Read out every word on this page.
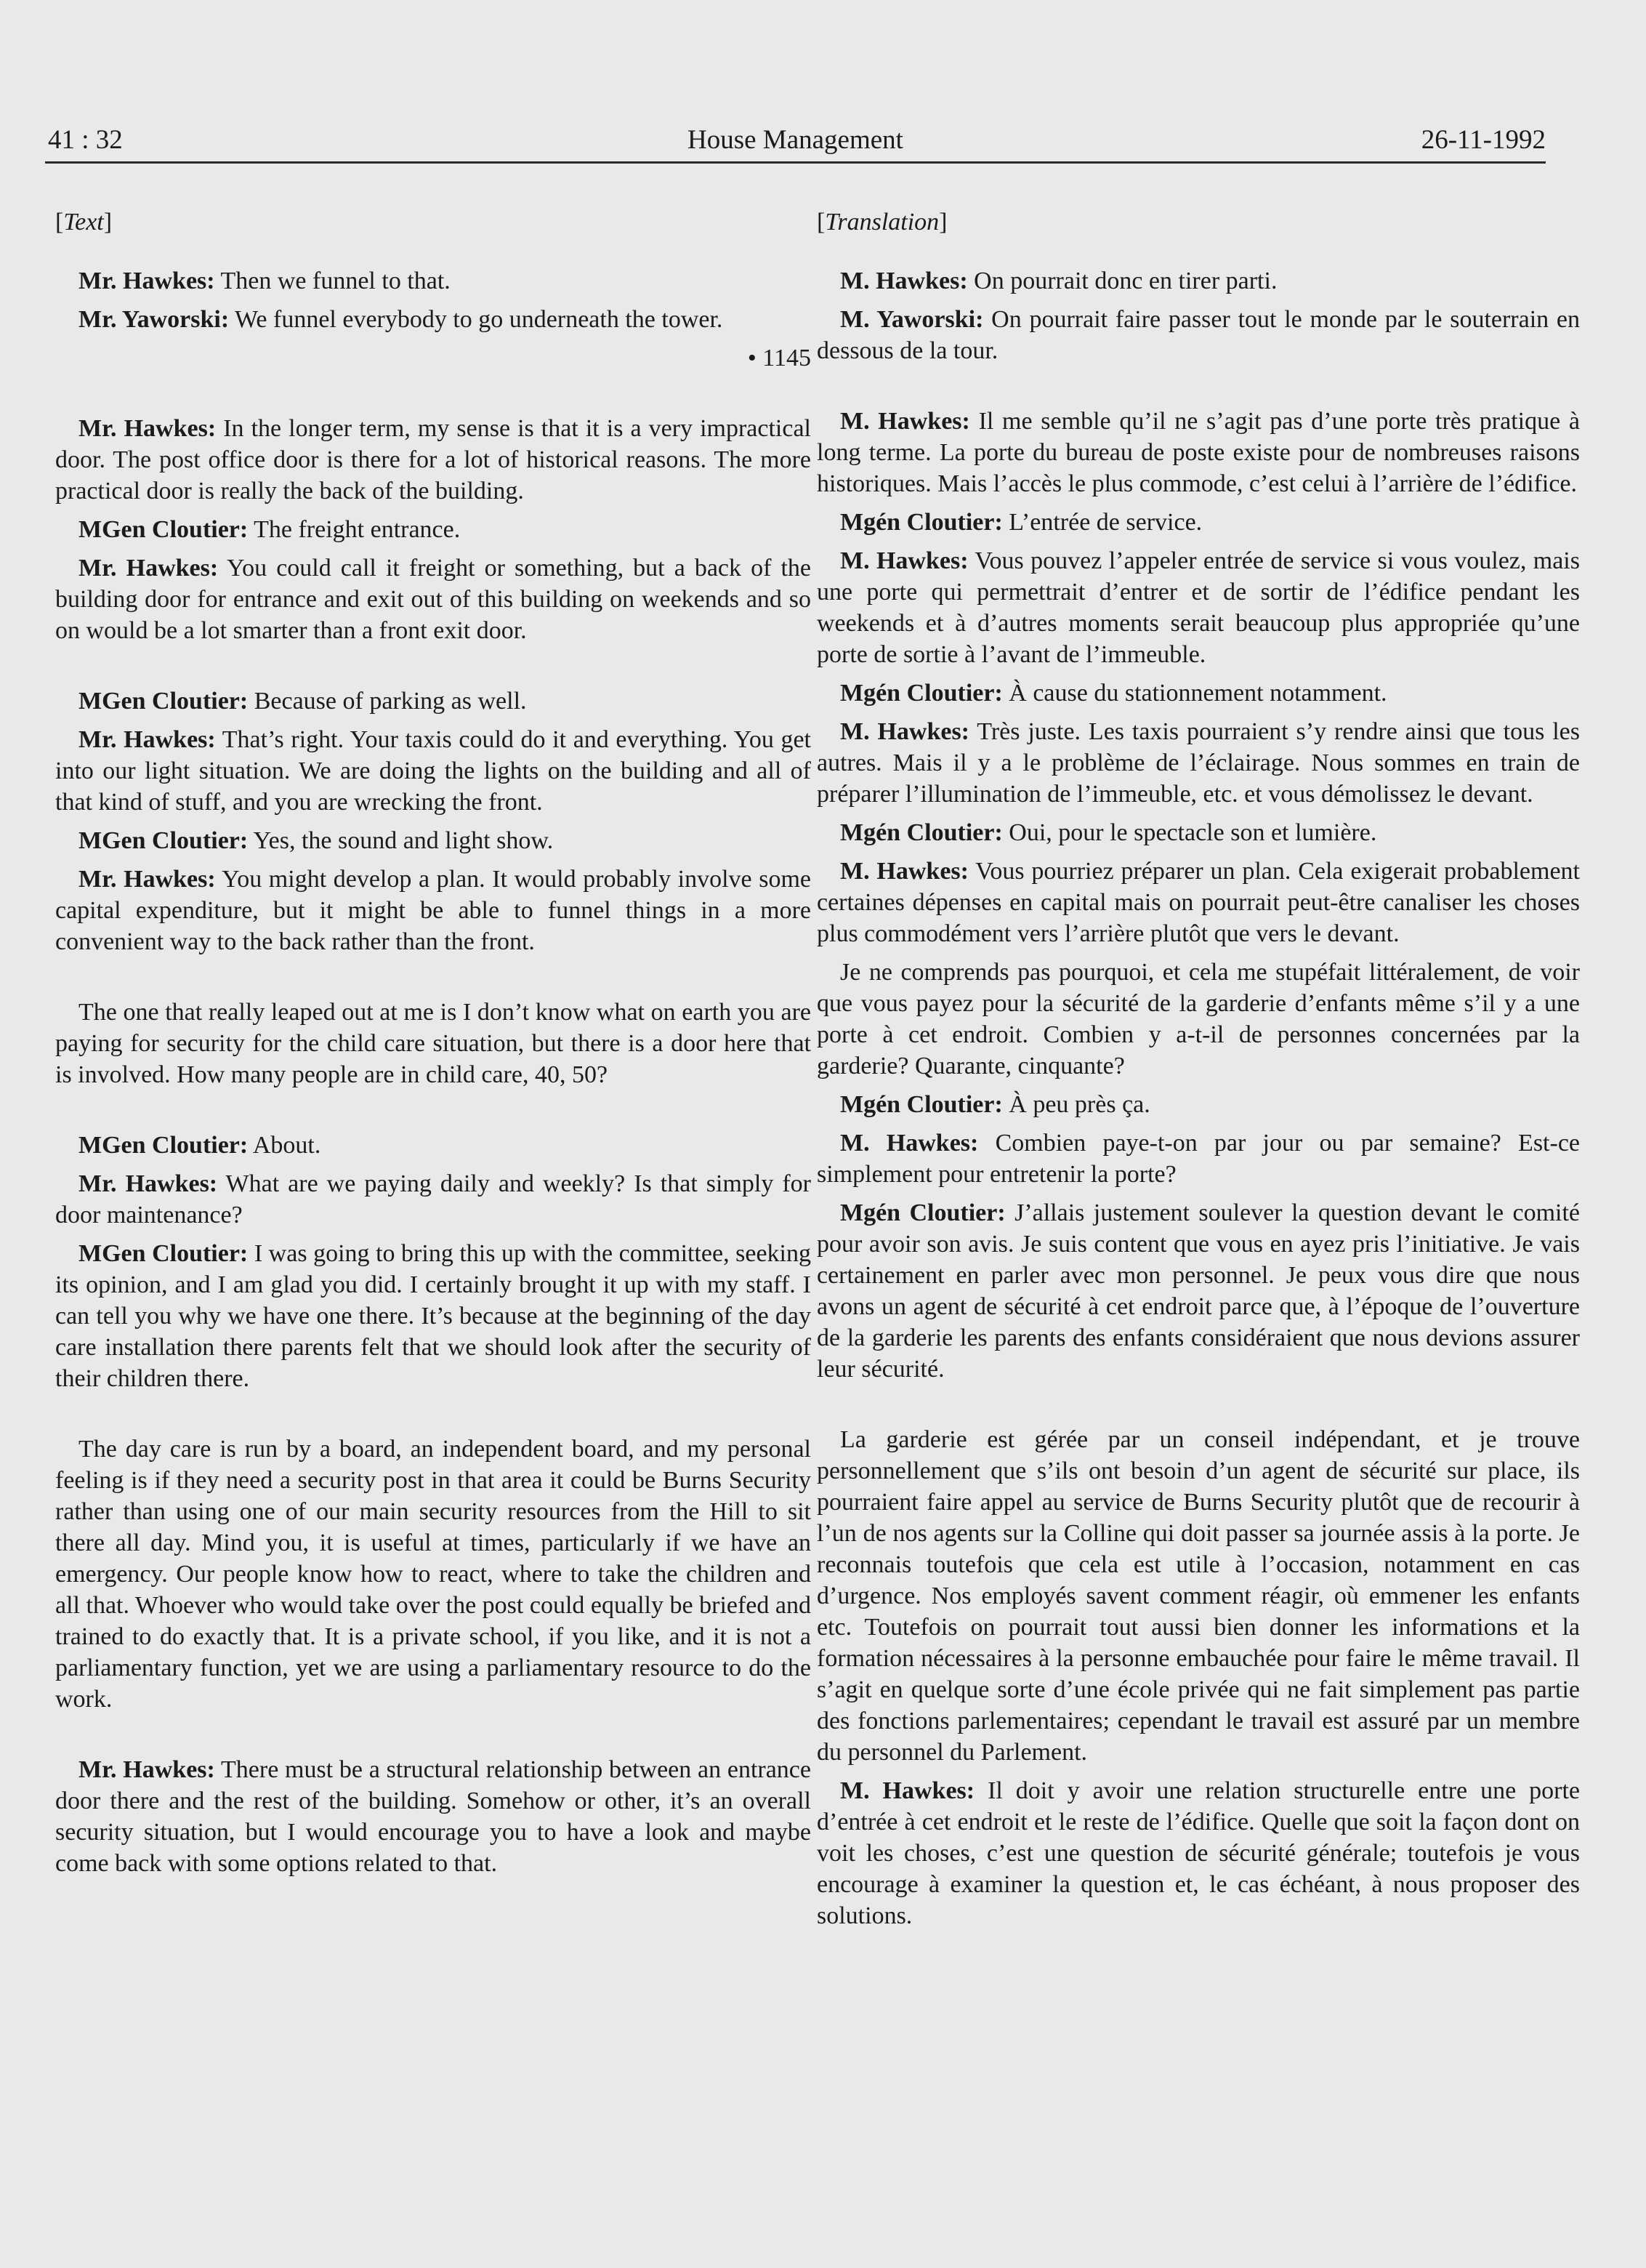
41 : 32	House Management	26-11-1992
[Text]

Mr. Hawkes: Then we funnel to that.

Mr. Yaworski: We funnel everybody to go underneath the tower.

• 1145

Mr. Hawkes: In the longer term, my sense is that it is a very impractical door. The post office door is there for a lot of historical reasons. The more practical door is really the back of the building.

MGen Cloutier: The freight entrance.

Mr. Hawkes: You could call it freight or something, but a back of the building door for entrance and exit out of this building on weekends and so on would be a lot smarter than a front exit door.

MGen Cloutier: Because of parking as well.

Mr. Hawkes: That’s right. Your taxis could do it and everything. You get into our light situation. We are doing the lights on the building and all of that kind of stuff, and you are wrecking the front.

MGen Cloutier: Yes, the sound and light show.

Mr. Hawkes: You might develop a plan. It would probably involve some capital expenditure, but it might be able to funnel things in a more convenient way to the back rather than the front.

The one that really leaped out at me is I don’t know what on earth you are paying for security for the child care situation, but there is a door here that is involved. How many people are in child care, 40, 50?

MGen Cloutier: About.

Mr. Hawkes: What are we paying daily and weekly? Is that simply for door maintenance?

MGen Cloutier: I was going to bring this up with the committee, seeking its opinion, and I am glad you did. I certainly brought it up with my staff. I can tell you why we have one there. It’s because at the beginning of the day care installation there parents felt that we should look after the security of their children there.

The day care is run by a board, an independent board, and my personal feeling is if they need a security post in that area it could be Burns Security rather than using one of our main security resources from the Hill to sit there all day. Mind you, it is useful at times, particularly if we have an emergency. Our people know how to react, where to take the children and all that. Whoever who would take over the post could equally be briefed and trained to do exactly that. It is a private school, if you like, and it is not a parliamentary function, yet we are using a parliamentary resource to do the work.

Mr. Hawkes: There must be a structural relationship between an entrance door there and the rest of the building. Somehow or other, it’s an overall security situation, but I would encourage you to have a look and maybe come back with some options related to that.

[Translation]

M. Hawkes: On pourrait donc en tirer parti.

M. Yaworski: On pourrait faire passer tout le monde par le souterrain en dessous de la tour.

M. Hawkes: Il me semble qu’il ne s’agit pas d’une porte très pratique à long terme. La porte du bureau de poste existe pour de nombreuses raisons historiques. Mais l’accès le plus commode, c’est celui à l’arrière de l’édifice.

Mgén Cloutier: L’entrée de service.

M. Hawkes: Vous pouvez l’appeler entrée de service si vous voulez, mais une porte qui permettrait d’entrer et de sortir de l’édifice pendant les weekends et à d’autres moments serait beaucoup plus appropriée qu’une porte de sortie à l’avant de l’immeuble.

Mgén Cloutier: À cause du stationnement notamment.

M. Hawkes: Très juste. Les taxis pourraient s’y rendre ainsi que tous les autres. Mais il y a le problème de l’éclairage. Nous sommes en train de préparer l’illumination de l’immeuble, etc. et vous démolissez le devant.

Mgén Cloutier: Oui, pour le spectacle son et lumière.

M. Hawkes: Vous pourriez préparer un plan. Cela exigerait probablement certaines dépenses en capital mais on pourrait peut-être canaliser les choses plus commodément vers l’arrière plutôt que vers le devant.

Je ne comprends pas pourquoi, et cela me stupéfait littéralement, de voir que vous payez pour la sécurité de la garderie d’enfants même s’il y a une porte à cet endroit. Combien y a-t-il de personnes concernées par la garderie? Quarante, cinquante?

Mgén Cloutier: À peu près ça.

M. Hawkes: Combien paye-t-on par jour ou par semaine? Est-ce simplement pour entretenir la porte?

Mgén Cloutier: J’allais justement soulever la question devant le comité pour avoir son avis. Je suis content que vous en ayez pris l’initiative. Je vais certainement en parler avec mon personnel. Je peux vous dire que nous avons un agent de sécurité à cet endroit parce que, à l’époque de l’ouverture de la garderie les parents des enfants considéraient que nous devions assurer leur sécurité.

La garderie est gérée par un conseil indépendant, et je trouve personnellement que s’ils ont besoin d’un agent de sécurité sur place, ils pourraient faire appel au service de Burns Security plutôt que de recourir à l’un de nos agents sur la Colline qui doit passer sa journée assis à la porte. Je reconnais toutefois que cela est utile à l’occasion, notamment en cas d’urgence. Nos employés savent comment réagir, où emmener les enfants etc. Toutefois on pourrait tout aussi bien donner les informations et la formation nécessaires à la personne embauchée pour faire le même travail. Il s’agit en quelque sorte d’une école privée qui ne fait simplement pas partie des fonctions parlementaires; cependant le travail est assuré par un membre du personnel du Parlement.

M. Hawkes: Il doit y avoir une relation structurelle entre une porte d’entrée à cet endroit et le reste de l’édifice. Quelle que soit la façon dont on voit les choses, c’est une question de sécurité générale; toutefois je vous encourage à examiner la question et, le cas échéant, à nous proposer des solutions.
